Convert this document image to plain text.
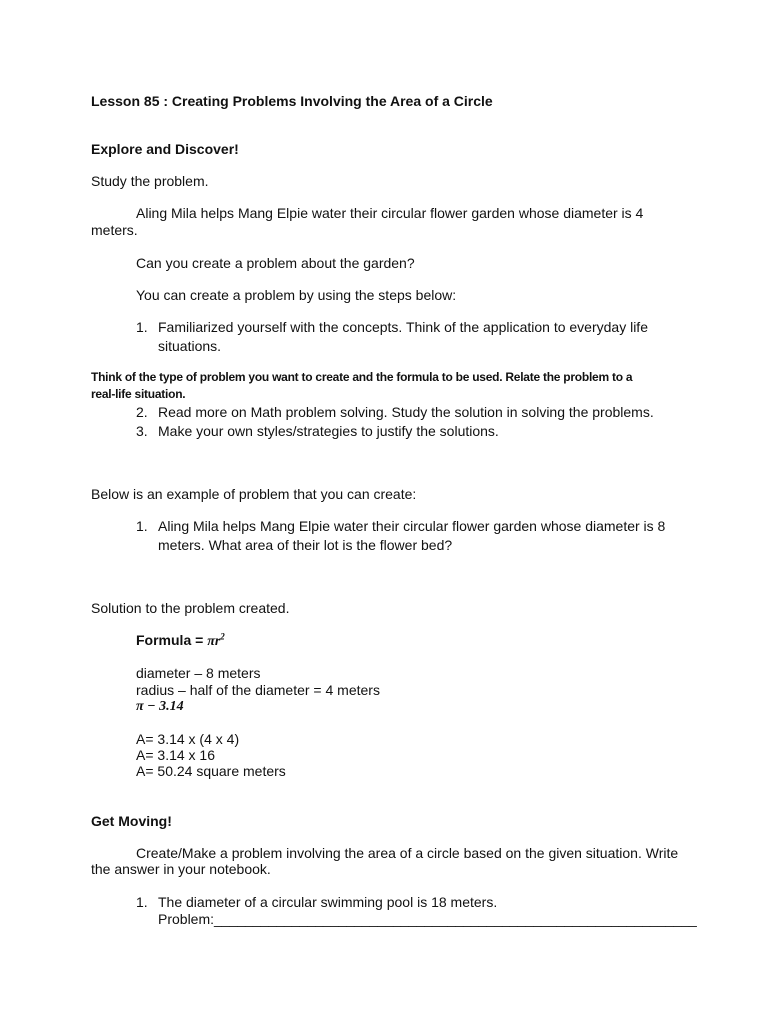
Lesson 85 : Creating Problems Involving the Area of a Circle
Explore and Discover!
Study the problem.
Aling Mila helps Mang Elpie water their circular flower garden whose diameter is 4
meters.
Can you create a problem about the garden?
You can create a problem by using the steps below:
1. Familiarized yourself with the concepts. Think of the application to everyday life
situations.
Think of the type of problem you want to create and the formula to be used. Relate the problem to a
real-life situation.
2. Read more on Math problem solving. Study the solution in solving the problems.
3. Make your own styles/strategies to justify the solutions.
Below is an example of problem that you can create:
1. Aling Mila helps Mang Elpie water their circular flower garden whose diameter is 8
meters. What area of their lot is the flower bed?
Solution to the problem created.
Formula = $\pi r^2$
diameter – 8 meters
radius – half of the diameter = 4 meters
π − 3.14
A= 3.14 x (4 x 4)
A= 3.14 x 16
A= 50.24 square meters
Get Moving!
Create/Make a problem involving the area of a circle based on the given situation. Write
the answer in your notebook.
1. The diameter of a circular swimming pool is 18 meters.
Problem:______________________________________________________________
